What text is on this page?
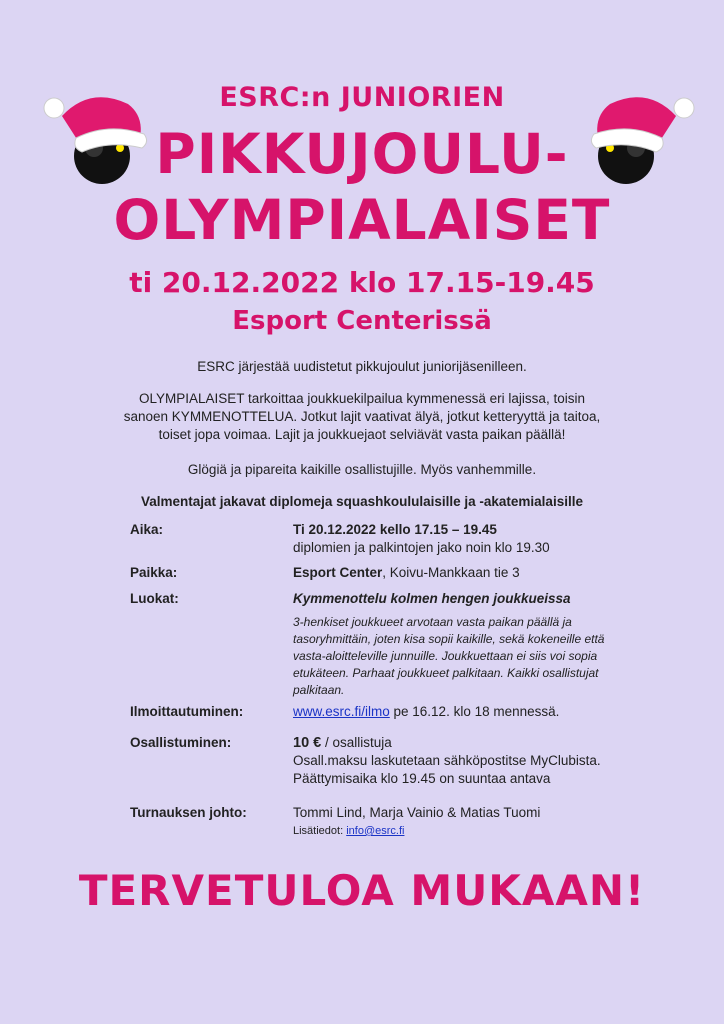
ESRC:n JUNIORIEN
PIKKUJOULU-
OLYMPIALAISET
ti 20.12.2022 klo 17.15-19.45
Esport Centerissä
ESRC järjestää uudistetut pikkujoulut juniorijäsenilleen.
OLYMPIALAISET tarkoittaa joukkuekilpailua kymmenessä eri lajissa, toisin sanoen KYMMENOTTELUA. Jotkut lajit vaativat älyä, jotkut ketteryyttä ja taitoa, toiset jopa voimaa. Lajit ja joukkuejaot selviävät vasta paikan päällä!
Glögiä ja pipareita kaikille osallistujille. Myös vanhemmille.
Valmentajat jakavat diplomeja squashkoululaisille ja -akatemialaisille
Aika:	Ti 20.12.2022 kello 17.15 – 19.45
diplomien ja palkintojen jako noin klo 19.30
Paikka:	Esport Center, Koivu-Mankkaan tie 3
Luokat:	Kymmenottelu kolmen hengen joukkueissa
3-henkiset joukkueet arvotaan vasta paikan päällä ja tasoryhmittäin, joten kisa sopii kaikille, sekä kokeneille että vasta-aloitteleville junnuille. Joukkuettaan ei siis voi sopia etukäteen. Parhaat joukkueet palkitaan. Kaikki osallistujat palkitaan.
Ilmoittautuminen:	www.esrc.fi/ilmo pe 16.12. klo 18 mennessä.
Osallistuminen:	10 € / osallistuja
Osall.maksu laskutetaan sähköpostitse MyClubista.
Päättymisaika klo 19.45 on suuntaa antava
Turnauksen johto:	Tommi Lind, Marja Vainio & Matias Tuomi
Lisätiedot: info@esrc.fi
TERVETULOA MUKAAN!
